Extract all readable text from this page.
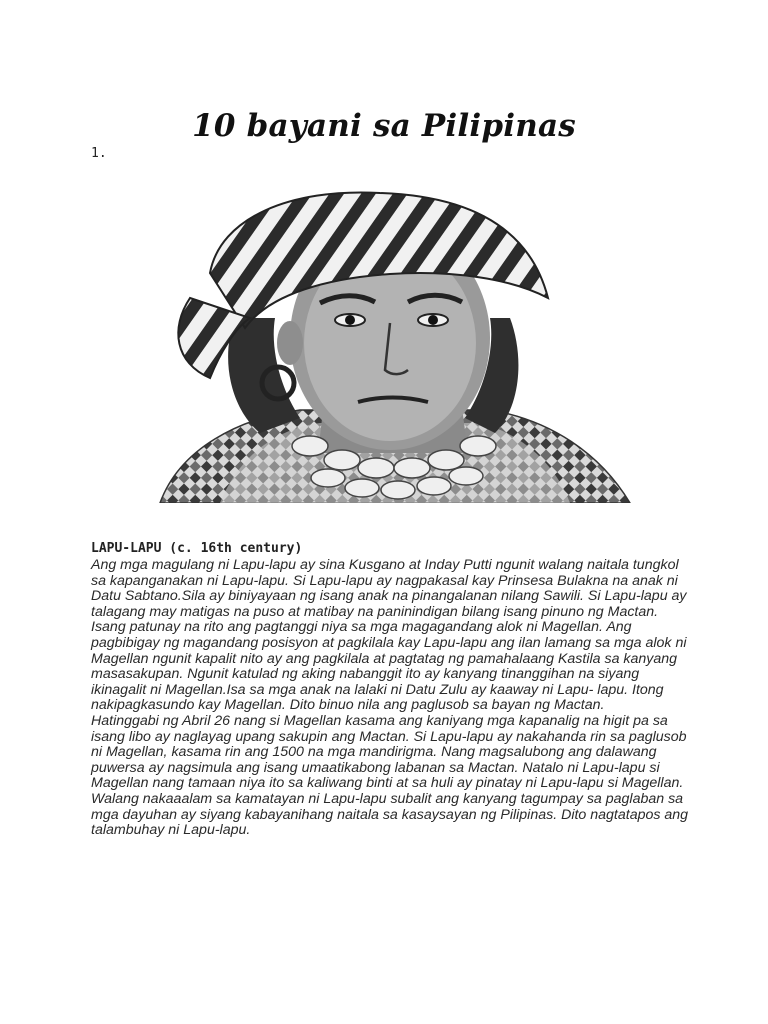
10 bayani sa Pilipinas
1.
LAPU-LAPU (c. 16th century)

Ang mga magulang ni Lapu-lapu ay sina Kusgano at Inday Putti ngunit walang naitala tungkol
sa kapanganakan ni Lapu-lapu. Si Lapu-lapu ay nagpakasal kay Prinsesa Bulakna na anak ni
Datu Sabtano.Sila ay biniyayaan ng isang anak na pinangalanan nilang Sawili. Si Lapu-lapu ay
talagang may matigas na puso at matibay na paninindigan bilang isang pinuno ng Mactan.
Isang patunay na rito ang pagtanggi niya sa mga magagandang alok ni Magellan. Ang
pagbibigay ng magandang posisyon at pagkilala kay Lapu-lapu ang ilan lamang sa mga alok ni
Magellan ngunit kapalit nito ay ang pagkilala at pagtatag ng pamahalaang Kastila sa kanyang
masasakupan. Ngunit katulad ng aking nabanggit ito ay kanyang tinanggihan na siyang
ikinagalit ni Magellan.Isa sa mga anak na lalaki ni Datu Zulu ay kaaway ni Lapu- lapu. Itong
nakipagkasundo kay Magellan. Dito binuo nila ang paglusob sa bayan ng Mactan.
Hatinggabi ng Abril 26 nang si Magellan kasama ang kaniyang mga kapanalig na higit pa sa
isang libo ay naglayag upang sakupin ang Mactan. Si Lapu-lapu ay nakahanda rin sa paglusob
ni Magellan, kasama rin ang 1500 na mga mandirigma. Nang magsalubong ang dalawang
puwersa ay nagsimula ang isang umaatikabong labanan sa Mactan. Natalo ni Lapu-lapu si
Magellan nang tamaan niya ito sa kaliwang binti at sa huli ay pinatay ni Lapu-lapu si Magellan.
Walang nakaaalam sa kamatayan ni Lapu-lapu subalit ang kanyang tagumpay sa paglaban sa
mga dayuhan ay siyang kabayanihang naitala sa kasaysayan ng Pilipinas. Dito nagtatapos ang
talambuhay ni Lapu-lapu.
